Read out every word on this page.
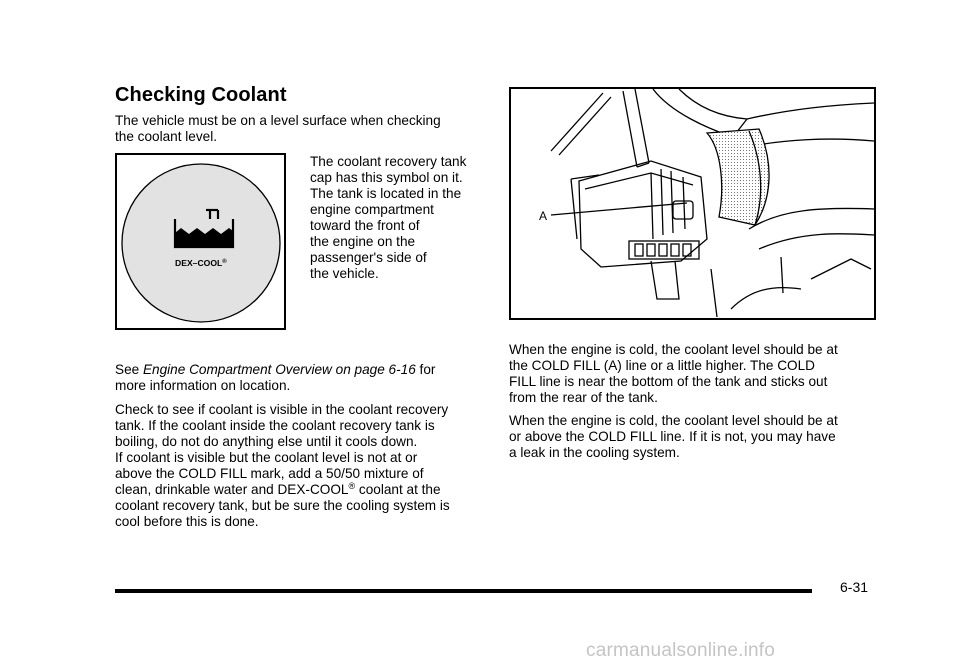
Checking Coolant

The vehicle must be on a level surface when checking
the coolant level.

DEX–COOL®

The coolant recovery tank
cap has this symbol on it.
The tank is located in the
engine compartment
toward the front of
the engine on the
passenger's side of
the vehicle.

See Engine Compartment Overview on page 6-16 for
more information on location.

Check to see if coolant is visible in the coolant recovery
tank. If the coolant inside the coolant recovery tank is
boiling, do not do anything else until it cools down.
If coolant is visible but the coolant level is not at or
above the COLD FILL mark, add a 50/50 mixture of
clean, drinkable water and DEX-COOL® coolant at the
coolant recovery tank, but be sure the cooling system is
cool before this is done.

A

When the engine is cold, the coolant level should be at
the COLD FILL (A) line or a little higher. The COLD
FILL line is near the bottom of the tank and sticks out
from the rear of the tank.

When the engine is cold, the coolant level should be at
or above the COLD FILL line. If it is not, you may have
a leak in the cooling system.

6-31
carmanualsonline.info
